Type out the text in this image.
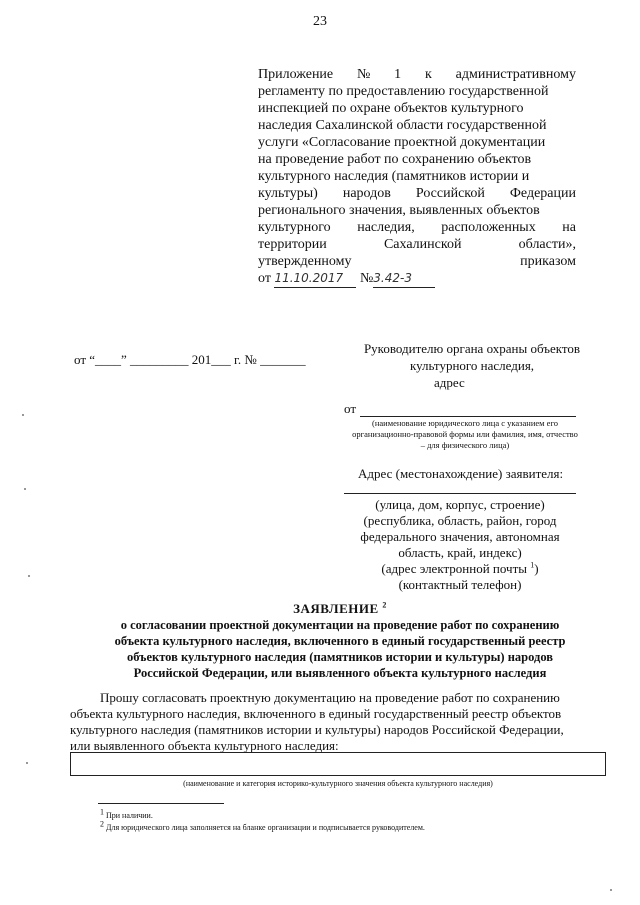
23
Приложение № 1 к административному
регламенту по предоставлению государственной
инспекцией по охране объектов культурного
наследия Сахалинской области государственной
услуги «Согласование проектной документации
на проведение работ по сохранению объектов
культурного наследия (памятников истории и
культуры) народов Российской Федерации
регионального значения, выявленных объектов
культурного наследия, расположенных на
территории	Сахалинской	области»,
утвержденному	приказом
от
11.10.2017
	№ 3.42-3
от “____” _________ 201___ г. № _______
Руководителю органа охраны объектов
культурного наследия,
адрес
от
(наименование юридического лица с указанием его организационно-правовой формы или фамилия, имя, отчество – для физического лица)
Адрес (местонахождение) заявителя:
(улица, дом, корпус, строение)
(республика, область, район, город
федерального значения, автономная
область, край, индекс)
(адрес электронной почты $^1$)
(контактный телефон)
ЗАЯВЛЕНИЕ $^2$
о согласовании проектной документации на проведение работ по сохранению
объекта культурного наследия, включенного в единый государственный реестр
объектов культурного наследия (памятников истории и культуры) народов
Российской Федерации, или выявленного объекта культурного наследия
Прошу согласовать проектную документацию на проведение работ по сохранению
объекта культурного наследия, включенного в единый государственный реестр объектов
культурного наследия (памятников истории и культуры) народов Российской Федерации,
или выявленного объекта культурного наследия:
(наименование и категория историко-культурного значения объекта культурного наследия)
$^1$ При наличии.
$^2$ Для юридического лица заполняется на бланке организации и подписывается руководителем.
